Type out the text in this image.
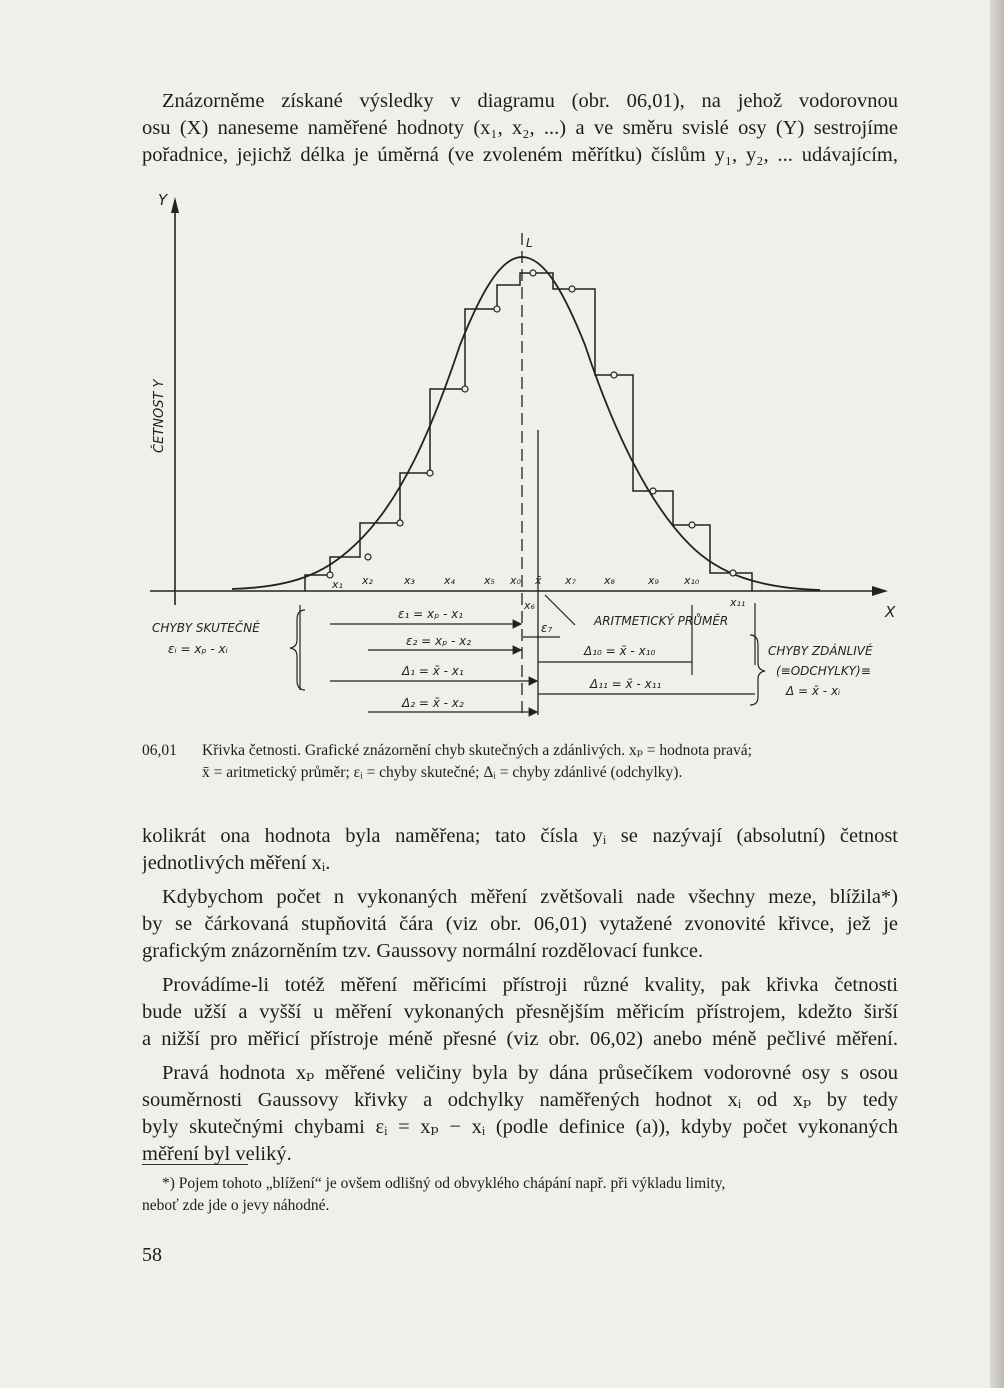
Znázorněme získané výsledky v diagramu (obr. 06,01), na jehož vodorovnou
osu (X) naneseme naměřené hodnoty (x₁, x₂, ...) a ve směru svislé osy (Y) sestrojíme
pořadnice, jejichž délka je úměrná (ve zvoleném měřítku) číslům y₁, y₂, ... udávajícím,
Y
ČETNOST Y
X
L
x₁ x₂	x₃	x₄	x₅ x₀ x̄ x₇	x₈	x₉ x₁₀
x₁₁
x₆
CHYBY SKUTEČNÉ
εᵢ = xₚ - xᵢ
ARITMETICKÝ PRŮMĚR
CHYBY ZDÁNLIVÉ
(≡ODCHYLKY)≡
Δ = x̄ - xᵢ
ε₁ = xₚ - x₁
ε₂ = xₚ - x₂
Δ₁ = x̄ - x₁
Δ₂ = x̄ - x₂
ε₇
Δ₁₀ = x̄ - x₁₀
Δ₁₁ = x̄ - x₁₁
06,01 Křivka četnosti. Grafické znázornění chyb skutečných a zdánlivých. xₚ = hodnota pravá;
x̄ = aritmetický průměr; εᵢ = chyby skutečné; Δᵢ = chyby zdánlivé (odchylky).
kolikrát ona hodnota byla naměřena; tato čísla yᵢ se nazývají (absolutní) četnost
jednotlivých měření xᵢ.
Kdybychom počet n vykonaných měření zvětšovali nade všechny meze, blížila*)
by se čárkovaná stupňovitá čára (viz obr. 06,01) vytažené zvonovité křivce, jež je
grafickým znázorněním tzv. Gaussovy normální rozdělovací funkce.
Provádíme-li totéž měření měřicími přístroji různé kvality, pak křivka četnosti
bude užší a vyšší u měření vykonaných přesnějším měřicím přístrojem, kdežto širší
a nižší pro měřicí přístroje méně přesné (viz obr. 06,02) anebo méně pečlivé měření.
Pravá hodnota xₚ měřené veličiny byla by dána průsečíkem vodorovné osy s osou
souměrnosti Gaussovy křivky a odchylky naměřených hodnot xᵢ od xₚ by tedy
byly skutečnými chybami εᵢ = xₚ − xᵢ (podle definice (a)), kdyby počet vykonaných
měření byl veliký.
*) Pojem tohoto „blížení“ je ovšem odlišný od obvyklého chápání např. při výkladu limity,
neboť zde jde o jevy náhodné.
58
